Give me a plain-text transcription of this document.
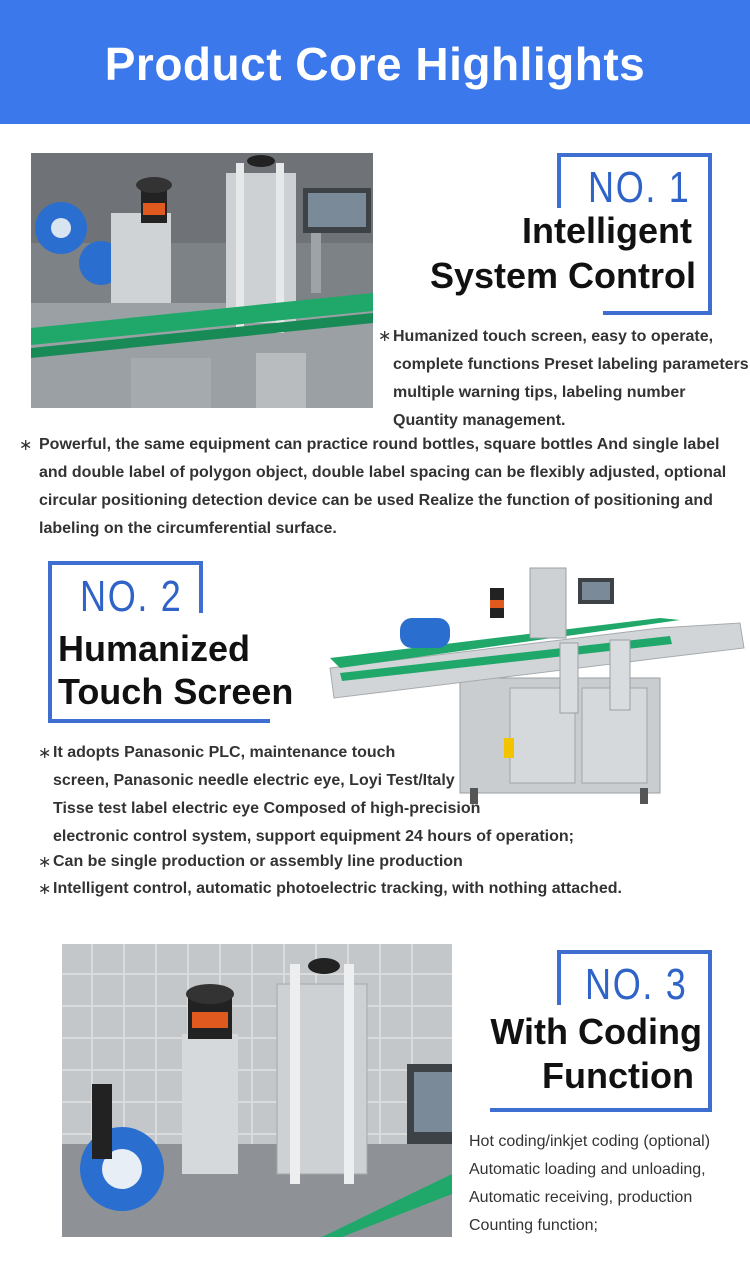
Product Core Highlights
NO. 1
Intelligent
System Control
∗ Humanized touch screen, easy to operate,
complete functions Preset labeling parameters
multiple warning tips, labeling number
Quantity management.
∗ Powerful, the same equipment can practice round bottles, square bottles And single label
and double label of polygon object, double label spacing can be flexibly adjusted, optional
circular positioning detection device can be used Realize the function of positioning and
labeling on the circumferential surface.
NO. 2
Humanized
Touch Screen
∗ It adopts Panasonic PLC, maintenance touch
screen, Panasonic needle electric eye, Loyi Test/Italy
Tisse test label electric eye Composed of high-precision
electronic control system, support equipment 24 hours of operation;
∗ Can be single production or assembly line production
∗ Intelligent control, automatic photoelectric tracking, with nothing attached.
NO. 3
With Coding
Function
Hot coding/inkjet coding (optional)
Automatic loading and unloading,
Automatic receiving, production
Counting function;
